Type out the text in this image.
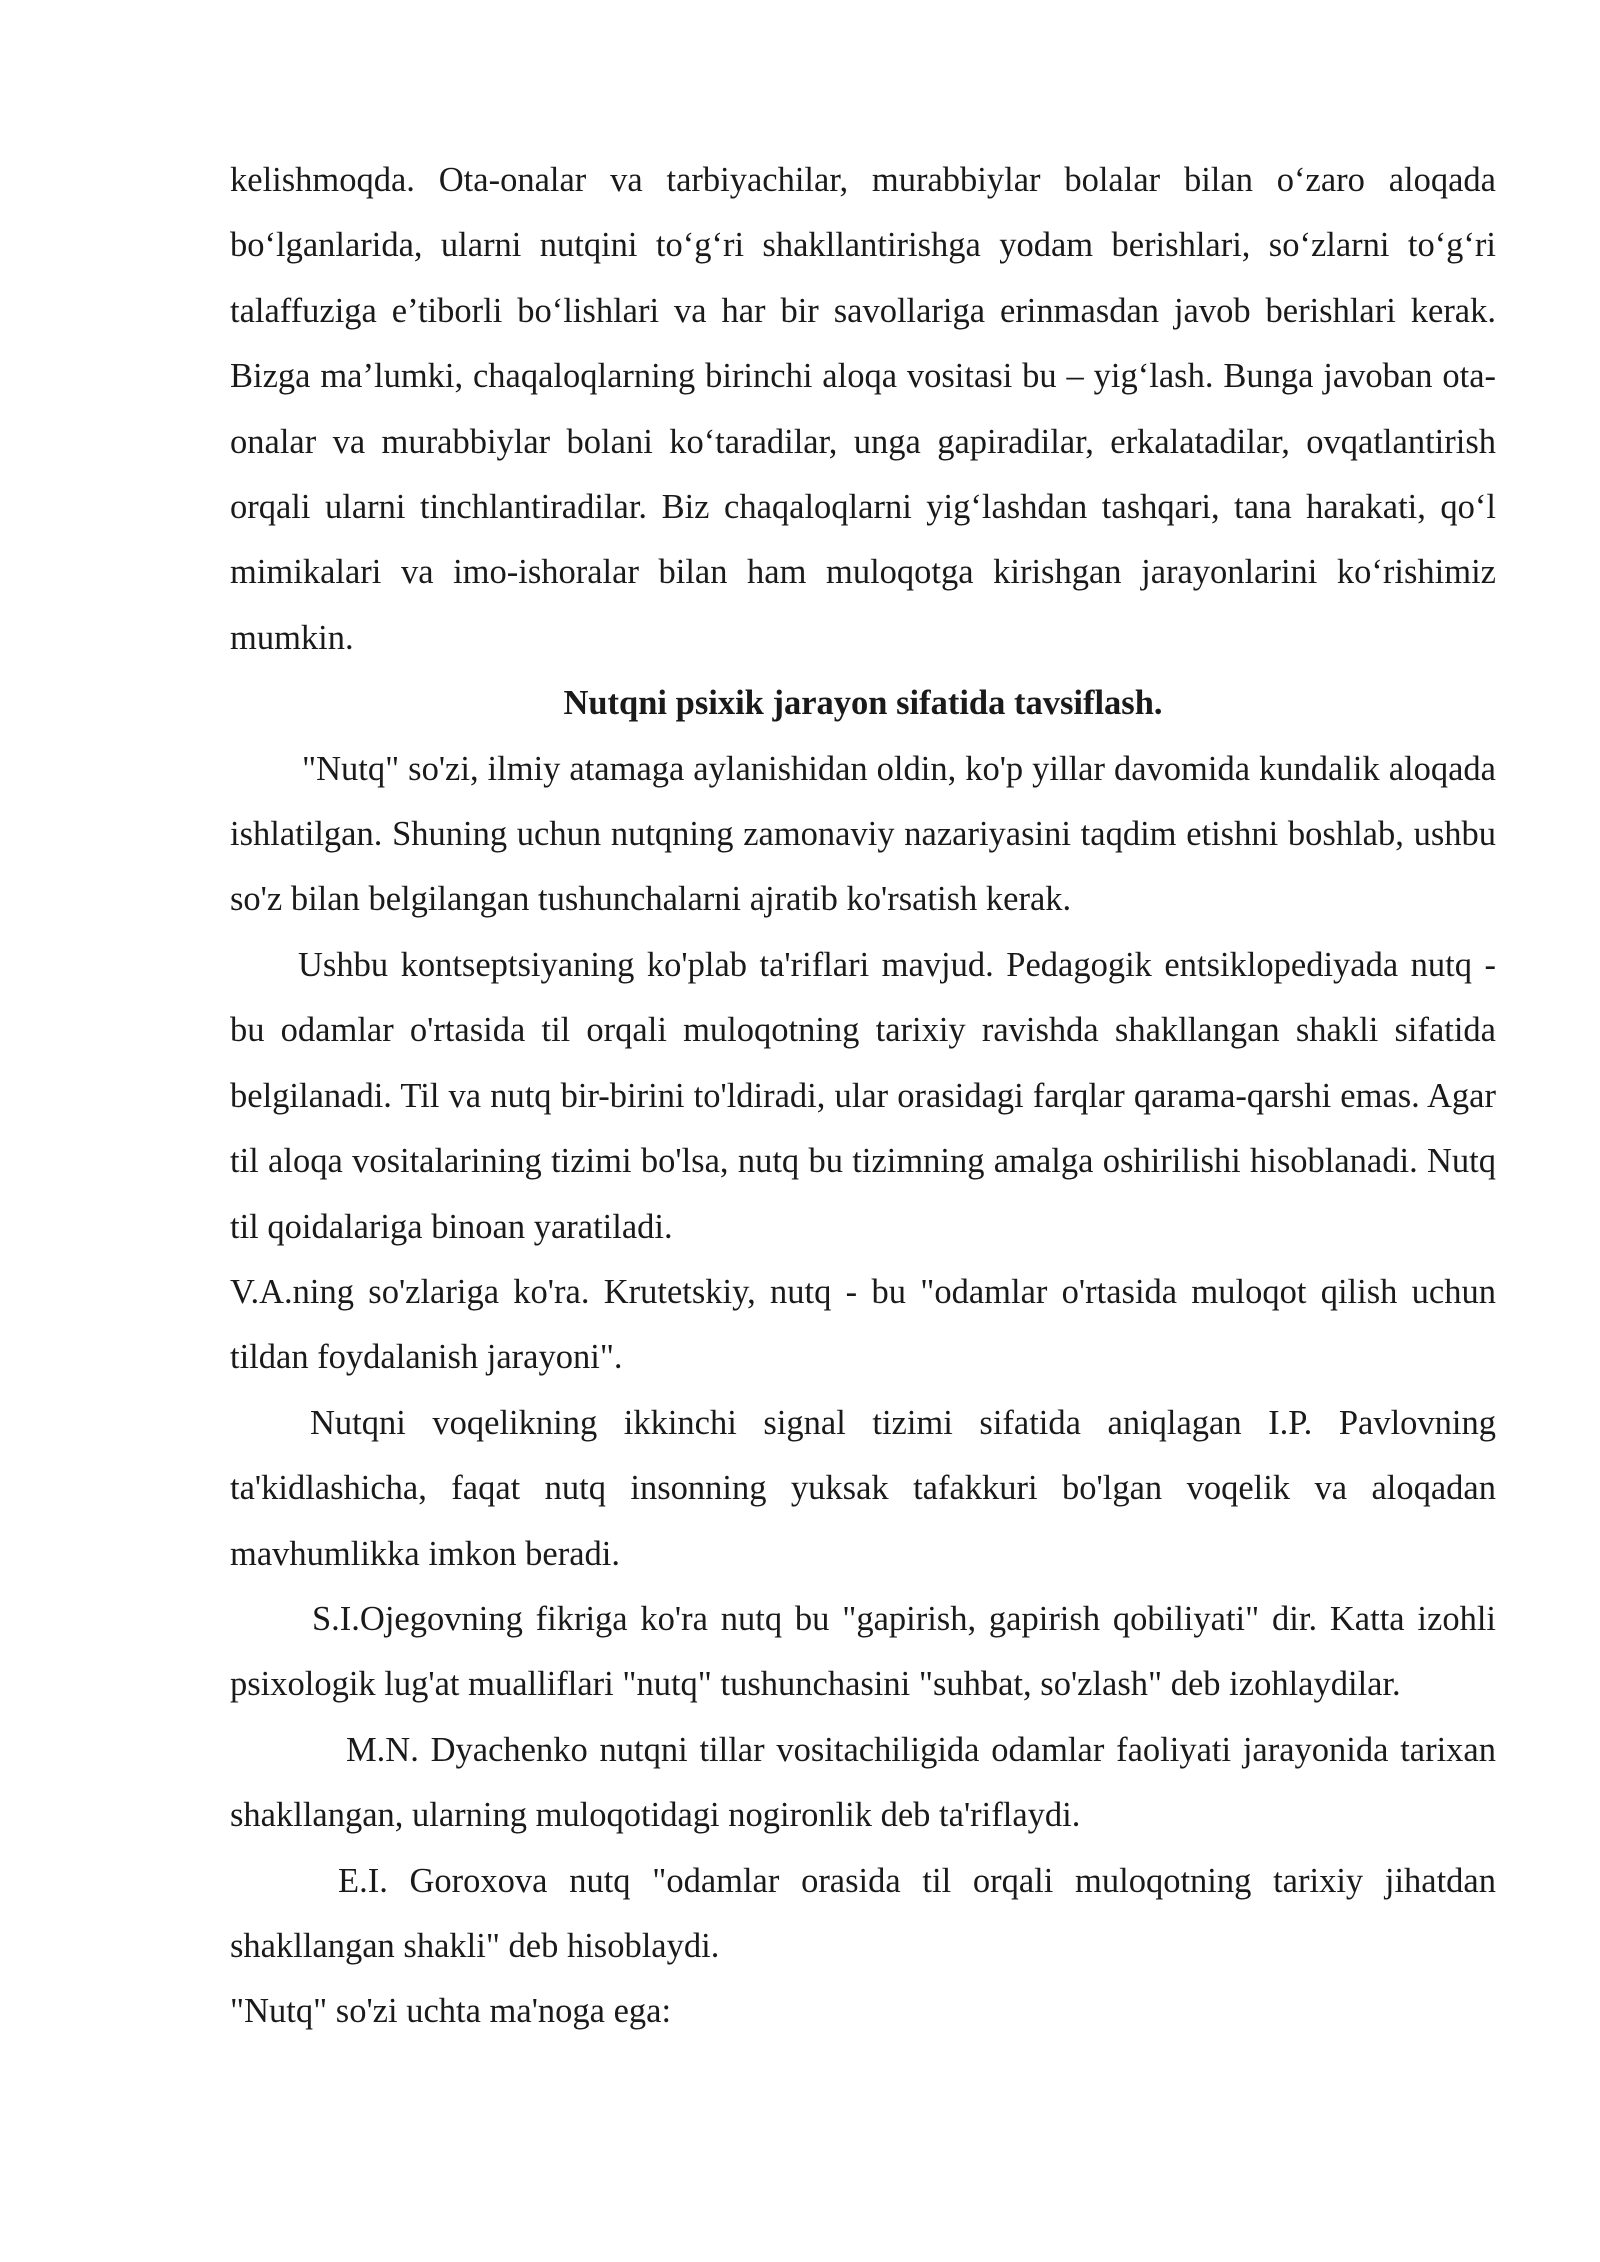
kelishmoqda. Ota-onalar va tarbiyachilar, murabbiylar bolalar bilan o‘zaro aloqada bo‘lganlarida, ularni nutqini to‘g‘ri shakllantirishga yodam berishlari, so‘zlarni to‘g‘ri talaffuziga e’tiborli bo‘lishlari va har bir savollariga erinmasdan javob berishlari kerak. Bizga ma’lumki, chaqaloqlarning birinchi aloqa vositasi bu – yig‘lash. Bunga javoban ota-onalar va murabbiylar bolani ko‘taradilar, unga gapiradilar, erkalatadilar, ovqatlantirish orqali ularni tinchlantiradilar. Biz chaqaloqlarni yig‘lashdan tashqari, tana harakati, qo‘l mimikalari va imo-ishoralar bilan ham muloqotga kirishgan jarayonlarini ko‘rishimiz mumkin.

Nutqni psixik jarayon sifatida tavsiflash.

"Nutq" so'zi, ilmiy atamaga aylanishidan oldin, ko'p yillar davomida kundalik aloqada ishlatilgan. Shuning uchun nutqning zamonaviy nazariyasini taqdim etishni boshlab, ushbu so'z bilan belgilangan tushunchalarni ajratib ko'rsatish kerak.

Ushbu kontseptsiyaning ko'plab ta'riflari mavjud. Pedagogik entsiklopediyada nutq - bu odamlar o'rtasida til orqali muloqotning tarixiy ravishda shakllangan shakli sifatida belgilanadi. Til va nutq bir-birini to'ldiradi, ular orasidagi farqlar qarama-qarshi emas. Agar til aloqa vositalarining tizimi bo'lsa, nutq bu tizimning amalga oshirilishi hisoblanadi. Nutq til qoidalariga binoan yaratiladi.

V.A.ning so'zlariga ko'ra. Krutetskiy, nutq - bu "odamlar o'rtasida muloqot qilish uchun tildan foydalanish jarayoni".

Nutqni voqelikning ikkinchi signal tizimi sifatida aniqlagan I.P. Pavlovning ta'kidlashicha, faqat nutq insonning yuksak tafakkuri bo'lgan voqelik va aloqadan mavhumlikka imkon beradi.

S.I.Ojegovning fikriga ko'ra nutq bu "gapirish, gapirish qobiliyati" dir. Katta izohli psixologik lug'at mualliflari "nutq" tushunchasini "suhbat, so'zlash" deb izohlaydilar.

M.N. Dyachenko nutqni tillar vositachiligida odamlar faoliyati jarayonida tarixan shakllangan, ularning muloqotidagi nogironlik deb ta'riflaydi.

E.I. Goroxova nutq "odamlar orasida til orqali muloqotning tarixiy jihatdan shakllangan shakli" deb hisoblaydi.

"Nutq" so'zi uchta ma'noga ega:
